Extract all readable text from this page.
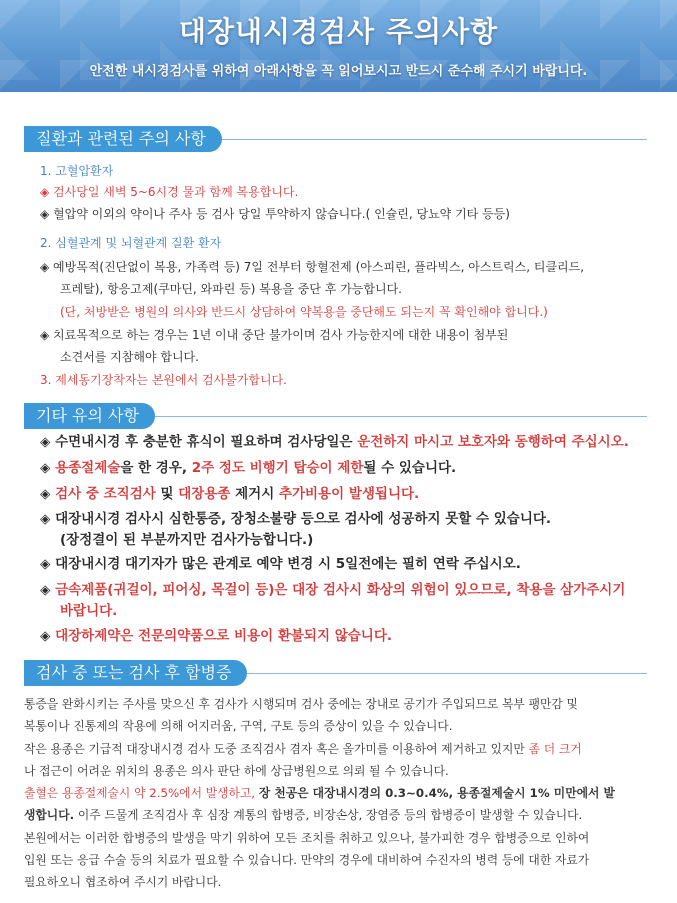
대장내시경검사 주의사항
안전한 내시경검사를 위하여 아래사항을 꼭 읽어보시고 반드시 준수해 주시기 바랍니다.
질환과 관련된 주의 사항
1. 고혈압환자
◈ 검사당일 새벽 5~6시경 물과 함께 복용합니다.
◈ 혈압약 이외의 약이나 주사 등 검사 당일 투약하지 않습니다.( 인슐린, 당뇨약 기타 등등)
2. 심혈관계 및 뇌혈관계 질환 환자
◈ 예방목적(진단없이 복용, 가족력 등) 7일 전부터 항혈전제 (아스피린, 플라빅스, 아스트릭스, 티클리드,
프레탈), 항응고제(쿠마딘, 와파린 등) 복용을 중단 후 가능합니다.
(단, 처방받은 병원의 의사와 반드시 상담하여 약복용을 중단해도 되는지 꼭 확인해야 합니다.)
◈ 치료목적으로 하는 경우는 1년 이내 중단 불가이며 검사 가능한지에 대한 내용이 첨부된
소견서를 지참해야 합니다.
3. 제세동기장착자는 본원에서 검사불가합니다.
기타 유의 사항
◈ 수면내시경 후 충분한 휴식이 필요하며 검사당일은 운전하지 마시고 보호자와 동행하여 주십시오.
◈ 용종절제술을 한 경우, 2주 정도 비행기 탑승이 제한될 수 있습니다.
◈ 검사 중 조직검사 및 대장용종 제거시 추가비용이 발생됩니다.
◈ 대장내시경 검사시 심한통증, 장청소불량 등으로 검사에 성공하지 못할 수 있습니다.
(장정결이 된 부분까지만 검사가능합니다.)
◈ 대장내시경 대기자가 많은 관계로 예약 변경 시 5일전에는 필히 연락 주십시오.
◈ 금속제품(귀걸이, 피어싱, 목걸이 등)은 대장 검사시 화상의 위험이 있으므로, 착용을 삼가주시기
바랍니다.
◈ 대장하제약은 전문의약품으로 비용이 환불되지 않습니다.
검사 중 또는 검사 후 합병증
통증을 완화시키는 주사를 맞으신 후 검사가 시행되며 검사 중에는 장내로 공기가 주입되므로 복부 팽만감 및
복통이나 진통제의 작용에 의해 어지러움, 구역, 구토 등의 증상이 있을 수 있습니다.
작은 용종은 기급적 대장내시경 검사 도중 조직검사 겸자 혹은 올가미를 이용하여 제거하고 있지만 좀 더 크거
나 접근이 어려운 위치의 용종은 의사 판단 하에 상급병원으로 의뢰 될 수 있습니다.
출혈은 용종절제술시 약 2.5%에서 발생하고, 장 천공은 대장내시경의 0.3~0.4%, 용종절제술시 1% 미만에서 발
생합니다. 이주 드물게 조직검사 후 심장 계통의 합병증, 비장손상, 장염증 등의 합병증이 발생할 수 있습니다.
본원에서는 이러한 합병증의 발생을 막기 위하여 모든 조치를 취하고 있으나, 불가피한 경우 합병증으로 인하여
입원 또는 응급 수술 등의 치료가 필요할 수 있습니다. 만약의 경우에 대비하여 수진자의 병력 등에 대한 자료가
필요하오니 협조하여 주시기 바랍니다.
